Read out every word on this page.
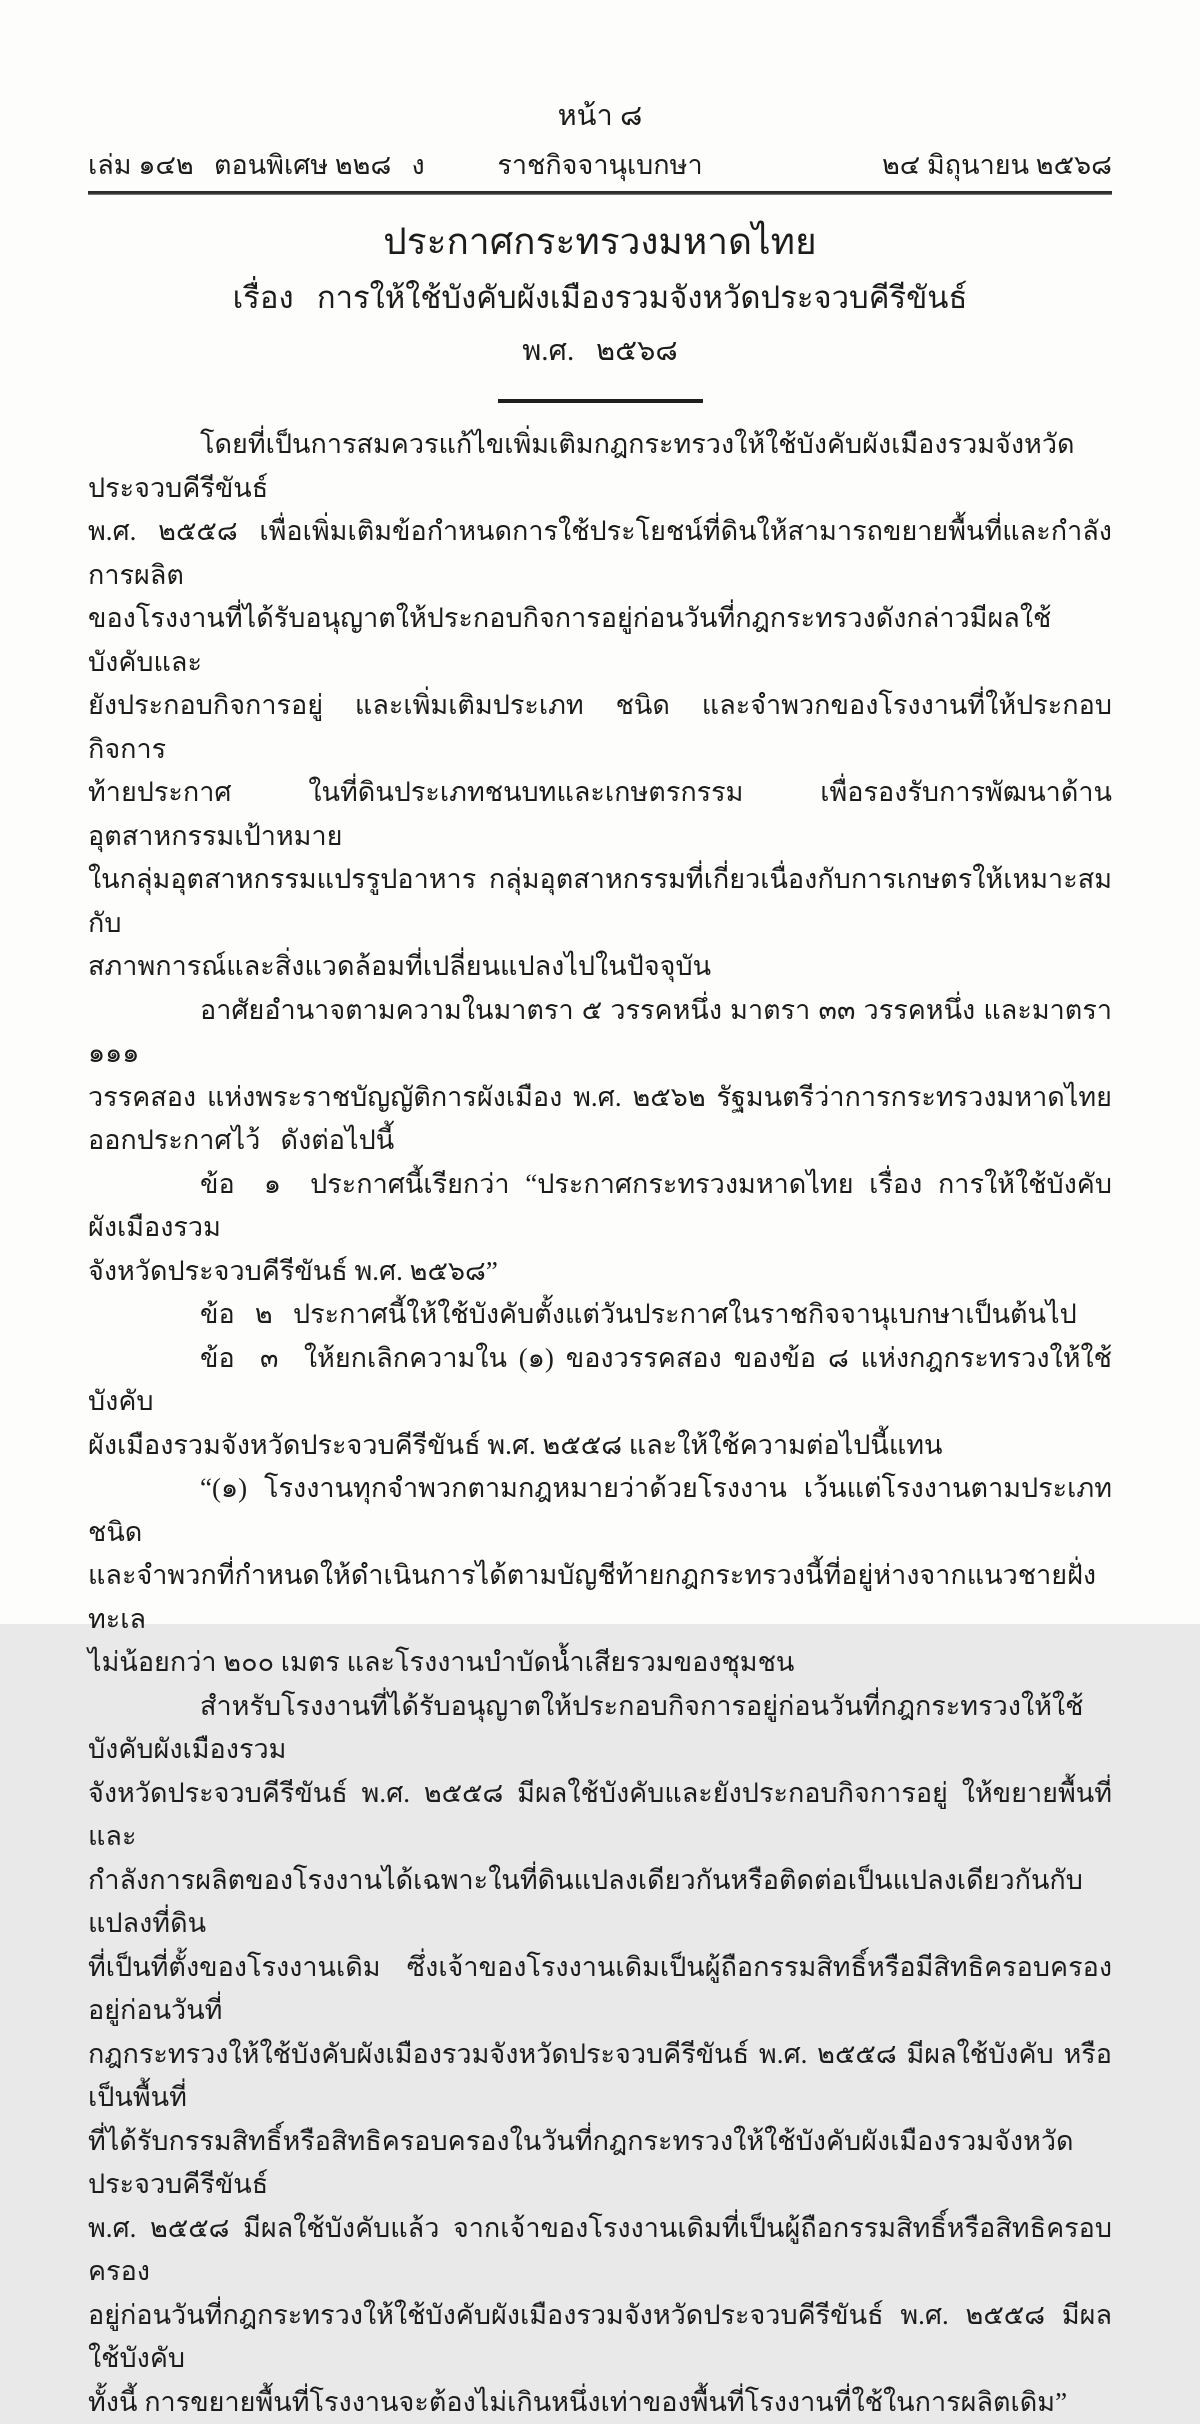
หน้า ๘
เล่ม ๑๔๒  ตอนพิเศษ ๒๒๘  ง	ราชกิจจานุเบกษา	๒๔ มิถุนายน ๒๕๖๘
ประกาศกระทรวงมหาดไทย
เรื่อง  การให้ใช้บังคับผังเมืองรวมจังหวัดประจวบคีรีขันธ์
พ.ศ.  ๒๕๖๘
โดยที่เป็นการสมควรแก้ไขเพิ่มเติมกฎกระทรวงให้ใช้บังคับผังเมืองรวมจังหวัดประจวบคีรีขันธ์
พ.ศ. ๒๕๕๘ เพื่อเพิ่มเติมข้อกำหนดการใช้ประโยชน์ที่ดินให้สามารถขยายพื้นที่และกำลังการผลิต
ของโรงงานที่ได้รับอนุญาตให้ประกอบกิจการอยู่ก่อนวันที่กฎกระทรวงดังกล่าวมีผลใช้บังคับและ
ยังประกอบกิจการอยู่ และเพิ่มเติมประเภท ชนิด และจำพวกของโรงงานที่ให้ประกอบกิจการ
ท้ายประกาศ ในที่ดินประเภทชนบทและเกษตรกรรม เพื่อรองรับการพัฒนาด้านอุตสาหกรรมเป้าหมาย
ในกลุ่มอุตสาหกรรมแปรรูปอาหาร กลุ่มอุตสาหกรรมที่เกี่ยวเนื่องกับการเกษตรให้เหมาะสมกับ
สภาพการณ์และสิ่งแวดล้อมที่เปลี่ยนแปลงไปในปัจจุบัน
อาศัยอำนาจตามความในมาตรา ๕ วรรคหนึ่ง มาตรา ๓๓ วรรคหนึ่ง และมาตรา ๑๑๑
วรรคสอง แห่งพระราชบัญญัติการผังเมือง พ.ศ. ๒๕๖๒ รัฐมนตรีว่าการกระทรวงมหาดไทย
ออกประกาศไว้  ดังต่อไปนี้
ข้อ  ๑  ประกาศนี้เรียกว่า “ประกาศกระทรวงมหาดไทย เรื่อง การให้ใช้บังคับผังเมืองรวม
จังหวัดประจวบคีรีขันธ์ พ.ศ. ๒๕๖๘”
ข้อ  ๒  ประกาศนี้ให้ใช้บังคับตั้งแต่วันประกาศในราชกิจจานุเบกษาเป็นต้นไป
ข้อ  ๓  ให้ยกเลิกความใน (๑) ของวรรคสอง ของข้อ ๘ แห่งกฎกระทรวงให้ใช้บังคับ
ผังเมืองรวมจังหวัดประจวบคีรีขันธ์ พ.ศ. ๒๕๕๘ และให้ใช้ความต่อไปนี้แทน
“(๑) โรงงานทุกจำพวกตามกฎหมายว่าด้วยโรงงาน เว้นแต่โรงงานตามประเภท ชนิด
และจำพวกที่กำหนดให้ดำเนินการได้ตามบัญชีท้ายกฎกระทรวงนี้ที่อยู่ห่างจากแนวชายฝั่งทะเล
ไม่น้อยกว่า ๒๐๐ เมตร และโรงงานบำบัดน้ำเสียรวมของชุมชน
สำหรับโรงงานที่ได้รับอนุญาตให้ประกอบกิจการอยู่ก่อนวันที่กฎกระทรวงให้ใช้บังคับผังเมืองรวม
จังหวัดประจวบคีรีขันธ์ พ.ศ. ๒๕๕๘ มีผลใช้บังคับและยังประกอบกิจการอยู่ ให้ขยายพื้นที่และ
กำลังการผลิตของโรงงานได้เฉพาะในที่ดินแปลงเดียวกันหรือติดต่อเป็นแปลงเดียวกันกับแปลงที่ดิน
ที่เป็นที่ตั้งของโรงงานเดิม ซึ่งเจ้าของโรงงานเดิมเป็นผู้ถือกรรมสิทธิ์หรือมีสิทธิครอบครองอยู่ก่อนวันที่
กฎกระทรวงให้ใช้บังคับผังเมืองรวมจังหวัดประจวบคีรีขันธ์ พ.ศ. ๒๕๕๘ มีผลใช้บังคับ หรือเป็นพื้นที่
ที่ได้รับกรรมสิทธิ์หรือสิทธิครอบครองในวันที่กฎกระทรวงให้ใช้บังคับผังเมืองรวมจังหวัดประจวบคีรีขันธ์
พ.ศ. ๒๕๕๘ มีผลใช้บังคับแล้ว จากเจ้าของโรงงานเดิมที่เป็นผู้ถือกรรมสิทธิ์หรือสิทธิครอบครอง
อยู่ก่อนวันที่กฎกระทรวงให้ใช้บังคับผังเมืองรวมจังหวัดประจวบคีรีขันธ์ พ.ศ. ๒๕๕๘ มีผลใช้บังคับ
ทั้งนี้ การขยายพื้นที่โรงงานจะต้องไม่เกินหนึ่งเท่าของพื้นที่โรงงานที่ใช้ในการผลิตเดิม”
